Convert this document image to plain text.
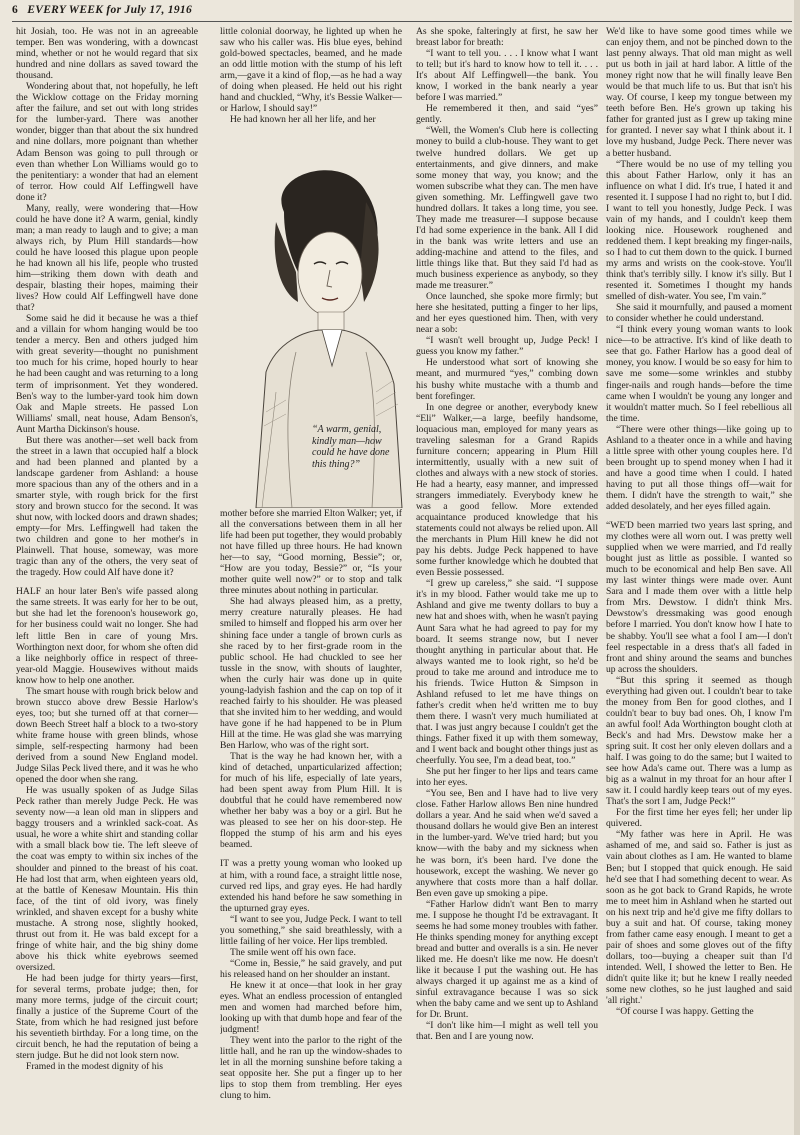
6 EVERY WEEK for July 17, 1916

hit Josiah, too. He was not in an agreeable temper. Ben was wondering, with a downcast mind, whether or not he would regard that six hundred and nine dollars as saved toward the thousand.

Wondering about that, not hopefully, he left the Wicklow cottage on the Friday morning after the failure, and set out with long strides for the lumber-yard. There was another wonder, bigger than that about the six hundred and nine dollars, more poignant than whether Adam Benson was going to pull through or even than whether Lon Williams would go to the penitentiary: a wonder that had an element of terror. How could Alf Leffingwell have done it?

Many, really, were wondering that—How could he have done it? A warm, genial, kindly man; a man ready to laugh and to give; a man always rich, by Plum Hill standards—how could he have loosed this plague upon people he had known all his life, people who trusted him—striking them down with death and despair, blasting their hopes, maiming their lives? How could Alf Leffingwell have done that?

Some said he did it because he was a thief and a villain for whom hanging would be too tender a mercy. Ben and others judged him with great severity—thought no punishment too much for his crime, hoped hourly to hear he had been caught and was returning to a long term of imprisonment. Yet they wondered. Ben's way to the lumber-yard took him down Oak and Maple streets. He passed Lon Williams' small, neat house, Adam Benson's, Aunt Martha Dickinson's house.

But there was another—set well back from the street in a lawn that occupied half a block and had been planned and planted by a landscape gardener from Ashland: a house more spacious than any of the others and in a smarter style, with rough brick for the first story and brown stucco for the second. It was shut now, with locked doors and drawn shades; empty—for Mrs. Leffingwell had taken the two children and gone to her mother's in Plainwell. That house, someway, was more tragic than any of the others, the very seat of the tragedy. How could Alf have done it?

HALF an hour later Ben's wife passed along the same streets. It was early for her to be out, but she had let the forenoon's housework go, for her business could wait no longer. She had left little Ben in care of young Mrs. Worthington next door, for whom she often did a like neighborly office in respect of three-year-old Maggie. Housewives without maids know how to help one another.

The smart house with rough brick below and brown stucco above drew Bessie Harlow's eyes, too; but she turned off at that corner—down Beech Street half a block to a two-story white frame house with green blinds, whose simple, self-respecting harmony had been derived from a sound New England model. Judge Silas Peck lived there, and it was he who opened the door when she rang.

He was usually spoken of as Judge Silas Peck rather than merely Judge Peck. He was seventy now—a lean old man in slippers and baggy trousers and a wrinkled sack-coat. As usual, he wore a white shirt and standing collar with a small black bow tie. The left sleeve of the coat was empty to within six inches of the shoulder and pinned to the breast of his coat. He had lost that arm, when eighteen years old, at the battle of Kenesaw Mountain. His thin face, of the tint of old ivory, was finely wrinkled, and shaven except for a bushy white mustache. A strong nose, slightly hooked, thrust out from it. He was bald except for a fringe of white hair, and the big shiny dome above his thick white eyebrows seemed oversized.

He had been judge for thirty years—first, for several terms, probate judge; then, for many more terms, judge of the circuit court; finally a justice of the Supreme Court of the State, from which he had resigned just before his seventieth birthday. For a long time, on the circuit bench, he had the reputation of being a stern judge. But he did not look stern now.

Framed in the modest dignity of his

little colonial doorway, he lighted up when he saw who his caller was. His blue eyes, behind gold-bowed spectacles, beamed, and he made an odd little motion with the stump of his left arm,—gave it a kind of flop,—as he had a way of doing when pleased. He held out his right hand and chuckled, “Why, it's Bessie Walker—or Harlow, I should say!”

He had known her all her life, and her

“A warm, genial, kindly man—how could he have done this thing?”

mother before she married Elton Walker; yet, if all the conversations between them in all her life had been put together, they would probably not have filled up three hours. He had known her—to say, “Good morning, Bessie”; or, “How are you today, Bessie?” or, “Is your mother quite well now?” or to stop and talk three minutes about nothing in particular.

She had always pleased him, as a pretty, merry creature naturally pleases. He had smiled to himself and flopped his arm over her shining face under a tangle of brown curls as she raced by to her first-grade room in the public school. He had chuckled to see her tussle in the snow, with shouts of laughter, when the curly hair was done up in quite young-ladyish fashion and the cap on top of it reached fairly to his shoulder. He was pleased that she invited him to her wedding, and would have gone if he had happened to be in Plum Hill at the time. He was glad she was marrying Ben Harlow, who was of the right sort.

That is the way he had known her, with a kind of detached, unparticularized affection; for much of his life, especially of late years, had been spent away from Plum Hill. It is doubtful that he could have remembered now whether her baby was a boy or a girl. But he was pleased to see her on his door-step. He flopped the stump of his arm and his eyes beamed.

IT was a pretty young woman who looked up at him, with a round face, a straight little nose, curved red lips, and gray eyes. He had hardly extended his hand before he saw something in the upturned gray eyes.

“I want to see you, Judge Peck. I want to tell you something,” she said breathlessly, with a little failing of her voice. Her lips trembled.

The smile went off his own face.

“Come in, Bessie,” he said gravely, and put his released hand on her shoulder an instant.

He knew it at once—that look in her gray eyes. What an endless procession of entangled men and women had marched before him, looking up with that dumb hope and fear of the judgment!

They went into the parlor to the right of the little hall, and he ran up the window-shades to let in all the morning sunshine before taking a seat opposite her. She put a finger up to her lips to stop them from trembling. Her eyes clung to him.

As she spoke, falteringly at first, he saw her breast labor for breath:

“I want to tell you. . . . I know what I want to tell; but it's hard to know how to tell it. . . . It's about Alf Leffingwell—the bank. You know, I worked in the bank nearly a year before I was married.”

He remembered it then, and said “yes” gently.

“Well, the Women's Club here is collecting money to build a club-house. They want to get twelve hundred dollars. We get up entertainments, and give dinners, and make some money that way, you know; and the women subscribe what they can. The men have given something. Mr. Leffingwell gave two hundred dollars. It takes a long time, you see. They made me treasurer—I suppose because I'd had some experience in the bank. All I did in the bank was write letters and use an adding-machine and attend to the files, and little things like that. But they said I'd had as much business experience as anybody, so they made me treasurer.”

Once launched, she spoke more firmly; but here she hesitated, putting a finger to her lips, and her eyes questioned him. Then, with very near a sob:

“I wasn't well brought up, Judge Peck! I guess you know my father.”

He understood what sort of knowing she meant, and murmured “yes,” combing down his bushy white mustache with a thumb and bent forefinger.

In one degree or another, everybody knew “Eli” Walker,—a large, beefily handsome, loquacious man, employed for many years as traveling salesman for a Grand Rapids furniture concern; appearing in Plum Hill intermittently, usually with a new suit of clothes and always with a new stock of stories. He had a hearty, easy manner, and impressed strangers immediately. Everybody knew he was a good fellow. More extended acquaintance produced knowledge that his statements could not always be relied upon. All the merchants in Plum Hill knew he did not pay his debts. Judge Peck happened to have some further knowledge which he doubted that even Bessie possessed.

“I grew up careless,” she said. “I suppose it's in my blood. Father would take me up to Ashland and give me twenty dollars to buy a new hat and shoes with, when he wasn't paying Aunt Sara what he had agreed to pay for my board. It seems strange now, but I never thought anything in particular about that. He always wanted me to look right, so he'd be proud to take me around and introduce me to his friends. Twice Hutton & Simpson in Ashland refused to let me have things on father's credit when he'd written me to buy them there. I wasn't very much humiliated at that. I was just angry because I couldn't get the things. Father fixed it up with them someway, and I went back and bought other things just as cheerfully. You see, I'm a dead beat, too.”

She put her finger to her lips and tears came into her eyes.

“You see, Ben and I have had to live very close. Father Harlow allows Ben nine hundred dollars a year. And he said when we'd saved a thousand dollars he would give Ben an interest in the lumber-yard. We've tried hard; but you know—with the baby and my sickness when he was born, it's been hard. I've done the housework, except the washing. We never go anywhere that costs more than a half dollar. Ben even gave up smoking a pipe.

“Father Harlow didn't want Ben to marry me. I suppose he thought I'd be extravagant. It seems he had some money troubles with father. He thinks spending money for anything except bread and butter and overalls is a sin. He never liked me. He doesn't like me now. He doesn't like it because I put the washing out. He has always charged it up against me as a kind of sinful extravagance because I was so sick when the baby came and we sent up to Ashland for Dr. Brunt.

“I don't like him—I might as well tell you that. Ben and I are young now.

We'd like to have some good times while we can enjoy them, and not be pinched down to the last penny always. That old man might as well put us both in jail at hard labor. A little of the money right now that he will finally leave Ben would be that much life to us. But that isn't his way. Of course, I keep my tongue between my teeth before Ben. He's grown up taking his father for granted just as I grew up taking mine for granted. I never say what I think about it. I love my husband, Judge Peck. There never was a better husband.

“There would be no use of my telling you this about Father Harlow, only it has an influence on what I did. It's true, I hated it and resented it. I suppose I had no right to, but I did. I want to tell you honestly, Judge Peck. I was vain of my hands, and I couldn't keep them looking nice. Housework roughened and reddened them. I kept breaking my finger-nails, so I had to cut them down to the quick. I burned my arms and wrists on the cook-stove. You'll think that's terribly silly. I know it's silly. But I resented it. Sometimes I thought my hands smelled of dish-water. You see, I'm vain.”

She said it mournfully, and paused a moment to consider whether he could understand.

“I think every young woman wants to look nice—to be attractive. It's kind of like death to see that go. Father Harlow has a good deal of money, you know. I would be so easy for him to save me some—some wrinkles and stubby finger-nails and rough hands—before the time came when I wouldn't be young any longer and it wouldn't matter much. So I feel rebellious all the time.

“There were other things—like going up to Ashland to a theater once in a while and having a little spree with other young couples here. I'd been brought up to spend money when I had it and have a good time when I could. I hated having to put all those things off—wait for them. I didn't have the strength to wait,” she added desolately, and her eyes filled again.

“WE'D been married two years last spring, and my clothes were all worn out. I was pretty well supplied when we were married, and I'd really bought just as little as possible. I wanted so much to be economical and help Ben save. All my last winter things were made over. Aunt Sara and I made them over with a little help from Mrs. Dewstow. I didn't think Mrs. Dewstow's dressmaking was good enough before I married. You don't know how I hate to be shabby. You'll see what a fool I am—I don't feel respectable in a dress that's all faded in front and shiny around the seams and bunches up across the shoulders.

“But this spring it seemed as though everything had given out. I couldn't bear to take the money from Ben for good clothes, and I couldn't bear to buy bad ones. Oh, I know I'm an awful fool! Ada Worthington bought cloth at Beck's and had Mrs. Dewstow make her a spring suit. It cost her only eleven dollars and a half. I was going to do the same; but I waited to see how Ada's came out. There was a lump as big as a walnut in my throat for an hour after I saw it. I could hardly keep tears out of my eyes. That's the sort I am, Judge Peck!”

For the first time her eyes fell; her under lip quivered.

“My father was here in April. He was ashamed of me, and said so. Father is just as vain about clothes as I am. He wanted to blame Ben; but I stopped that quick enough. He said he'd see that I had something decent to wear. As soon as he got back to Grand Rapids, he wrote me to meet him in Ashland when he started out on his next trip and he'd give me fifty dollars to buy a suit and hat. Of course, taking money from father came easy enough. I meant to get a pair of shoes and some gloves out of the fifty dollars, too—buying a cheaper suit than I'd intended. Well, I showed the letter to Ben. He didn't quite like it; but he knew I really needed some new clothes, so he just laughed and said 'all right.'

“Of course I was happy. Getting the
